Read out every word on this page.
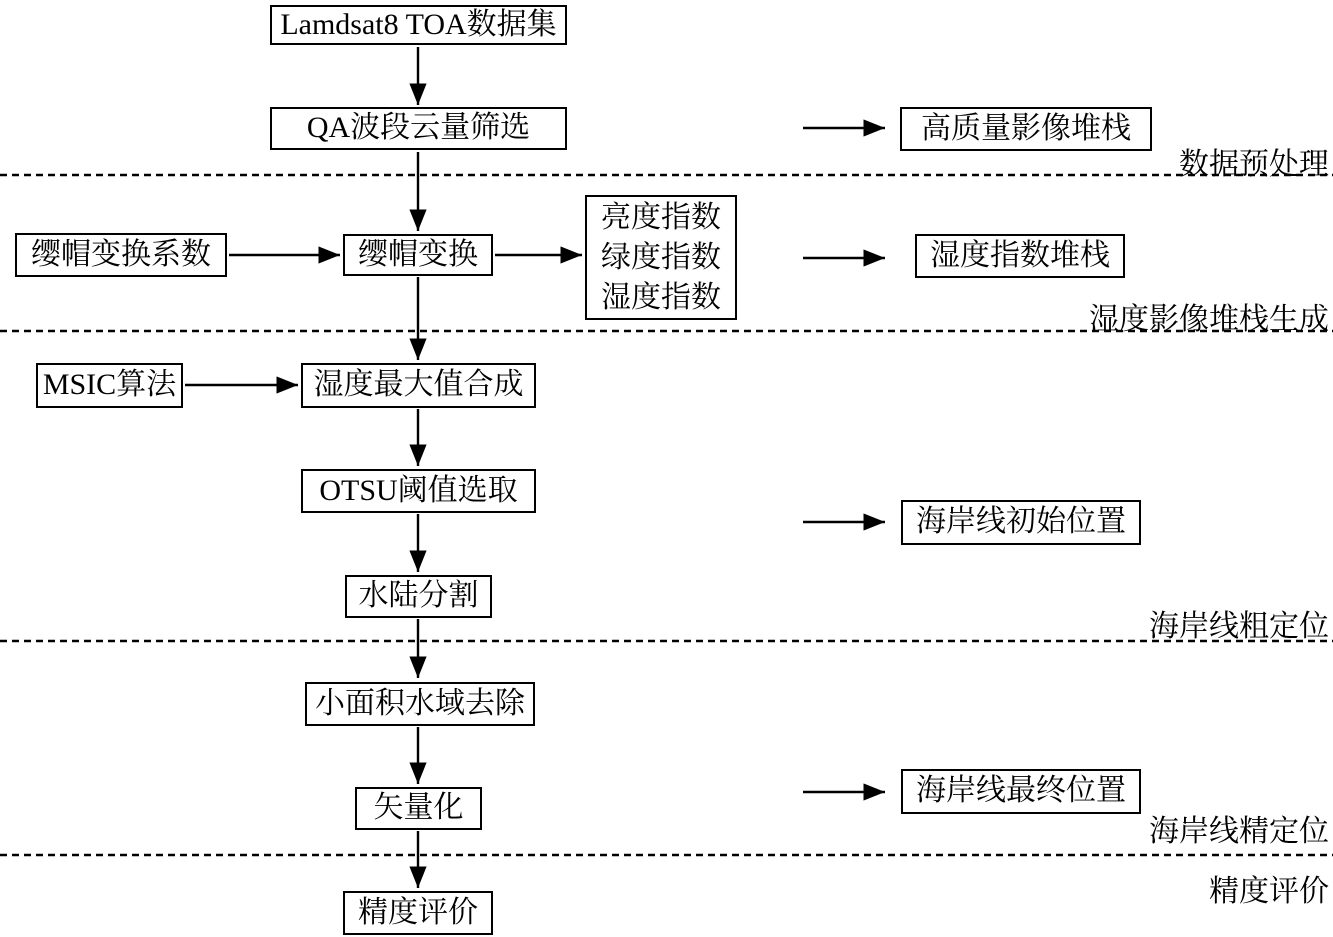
Lamdsat8 TOA数据集
QA波段云量筛选
缨帽变换系数	缨帽变换
亮度指数
绿度指数
湿度指数
MSIC算法	湿度最大值合成
OTSU阈值选取
水陆分割
小面积水域去除
矢量化
精度评价
高质量影像堆栈
湿度指数堆栈
海岸线初始位置
海岸线最终位置
数据预处理
湿度影像堆栈生成
海岸线粗定位
海岸线精定位
精度评价
